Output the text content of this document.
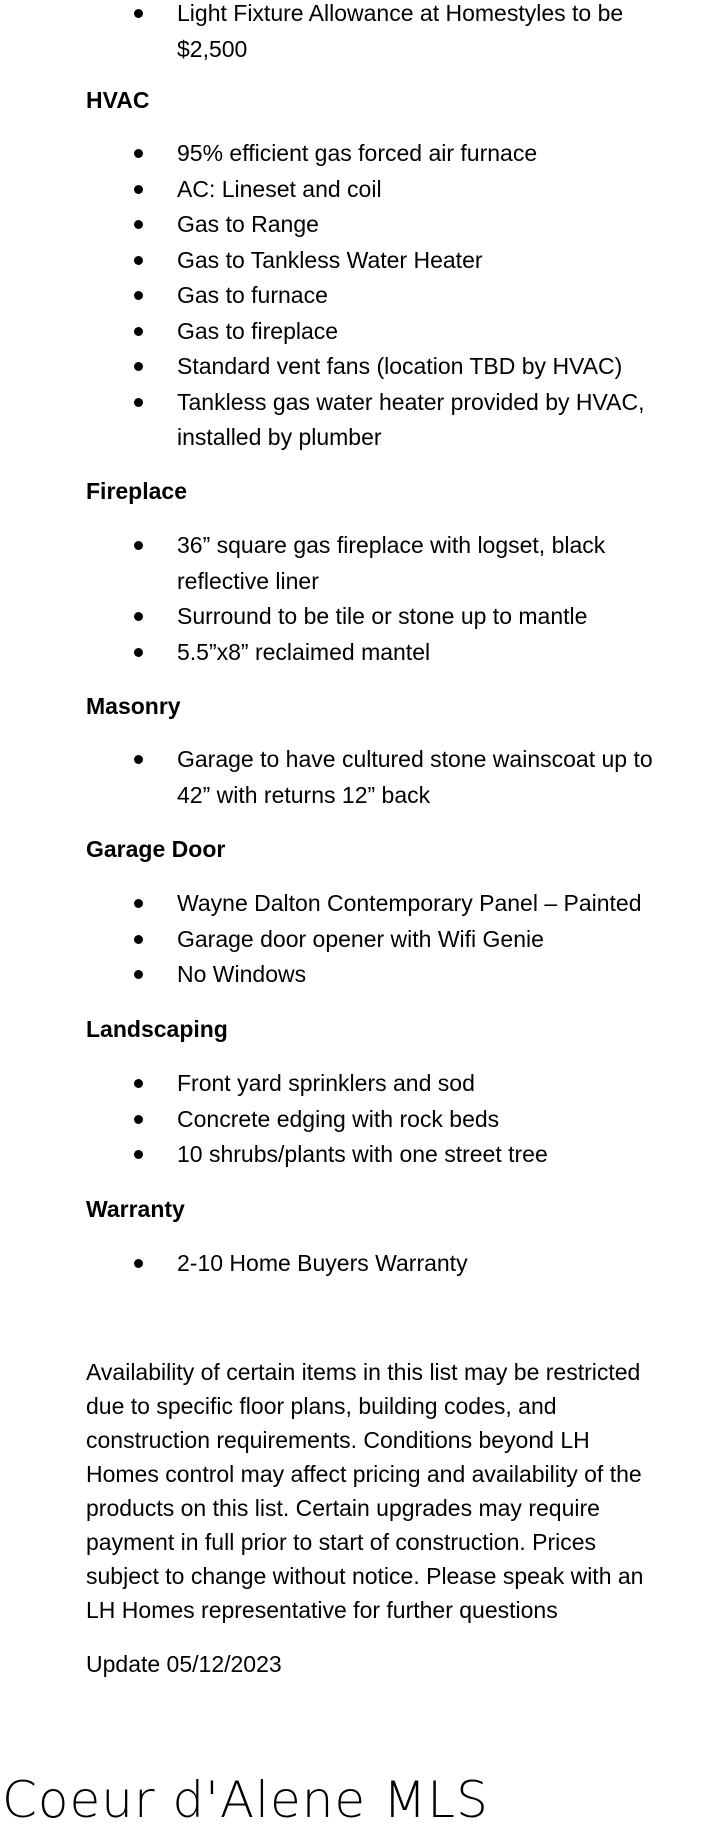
Light Fixture Allowance at Homestyles to be
$2,500
HVAC
95% efficient gas forced air furnace
AC: Lineset and coil
Gas to Range
Gas to Tankless Water Heater
Gas to furnace
Gas to fireplace
Standard vent fans (location TBD by HVAC)
Tankless gas water heater provided by HVAC,
installed by plumber
Fireplace
36” square gas fireplace with logset, black
reflective liner
Surround to be tile or stone up to mantle
5.5”x8” reclaimed mantel
Masonry
Garage to have cultured stone wainscoat up to
42” with returns 12” back
Garage Door
Wayne Dalton Contemporary Panel – Painted
Garage door opener with Wifi Genie
No Windows
Landscaping
Front yard sprinklers and sod
Concrete edging with rock beds
10 shrubs/plants with one street tree
Warranty
2-10 Home Buyers Warranty
Availability of certain items in this list may be restricted
due to specific floor plans, building codes, and
construction requirements. Conditions beyond LH
Homes control may affect pricing and availability of the
products on this list. Certain upgrades may require
payment in full prior to start of construction. Prices
subject to change without notice. Please speak with an
LH Homes representative for further questions

Update 05/12/2023

Coeur d'Alene MLS
